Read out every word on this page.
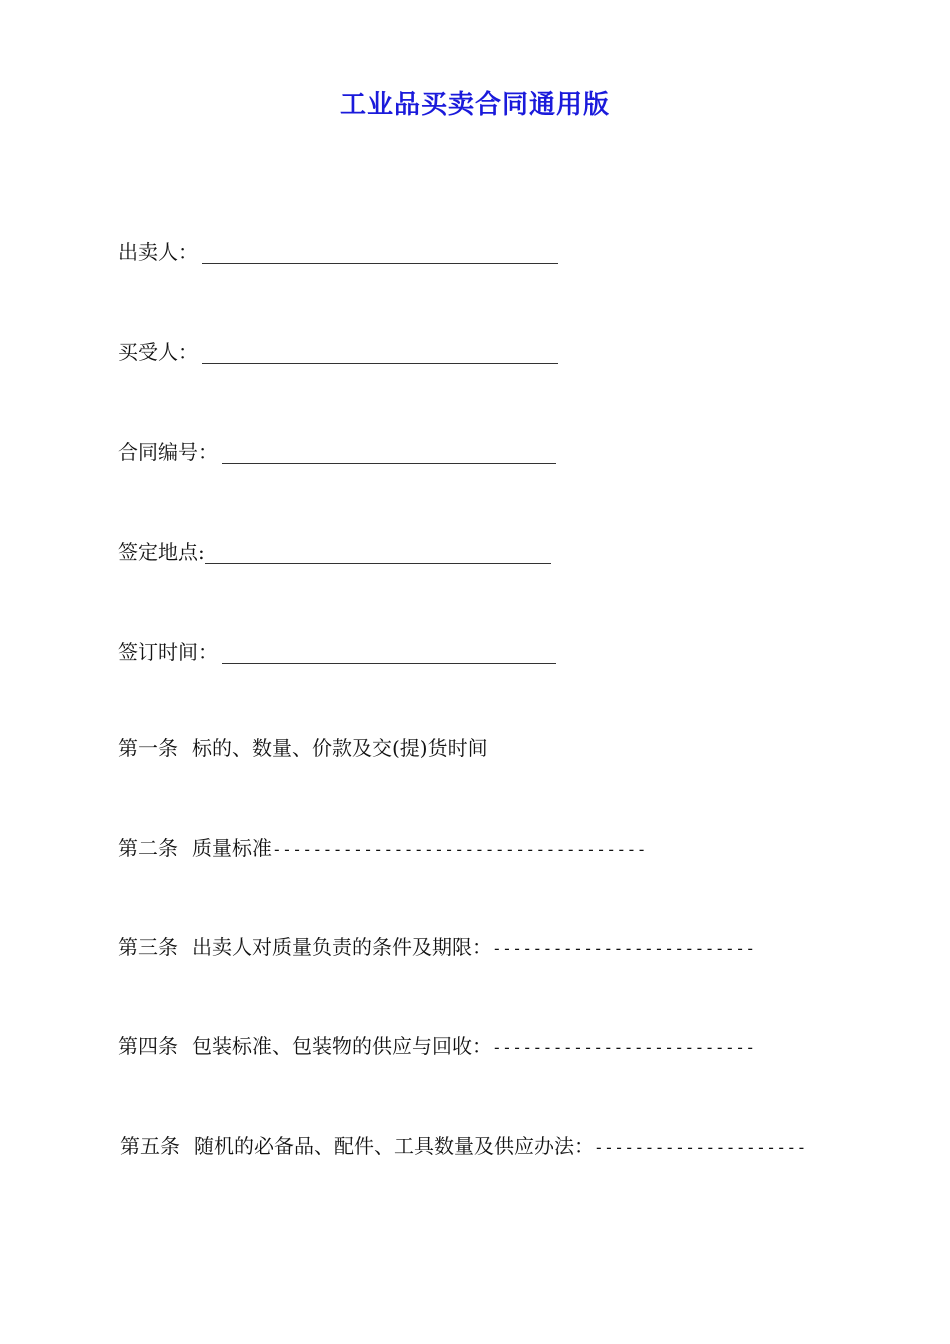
工业品买卖合同通用版
出卖人：
买受人：
合同编号：
签定地点:
签订时间：
第一条 标的、数量、价款及交(提)货时间
第二条 质量标准-------------------------------------
第三条 出卖人对质量负责的条件及期限：--------------------------
第四条 包装标准、包装物的供应与回收：--------------------------
第五条 随机的必备品、配件、工具数量及供应办法：---------------------
